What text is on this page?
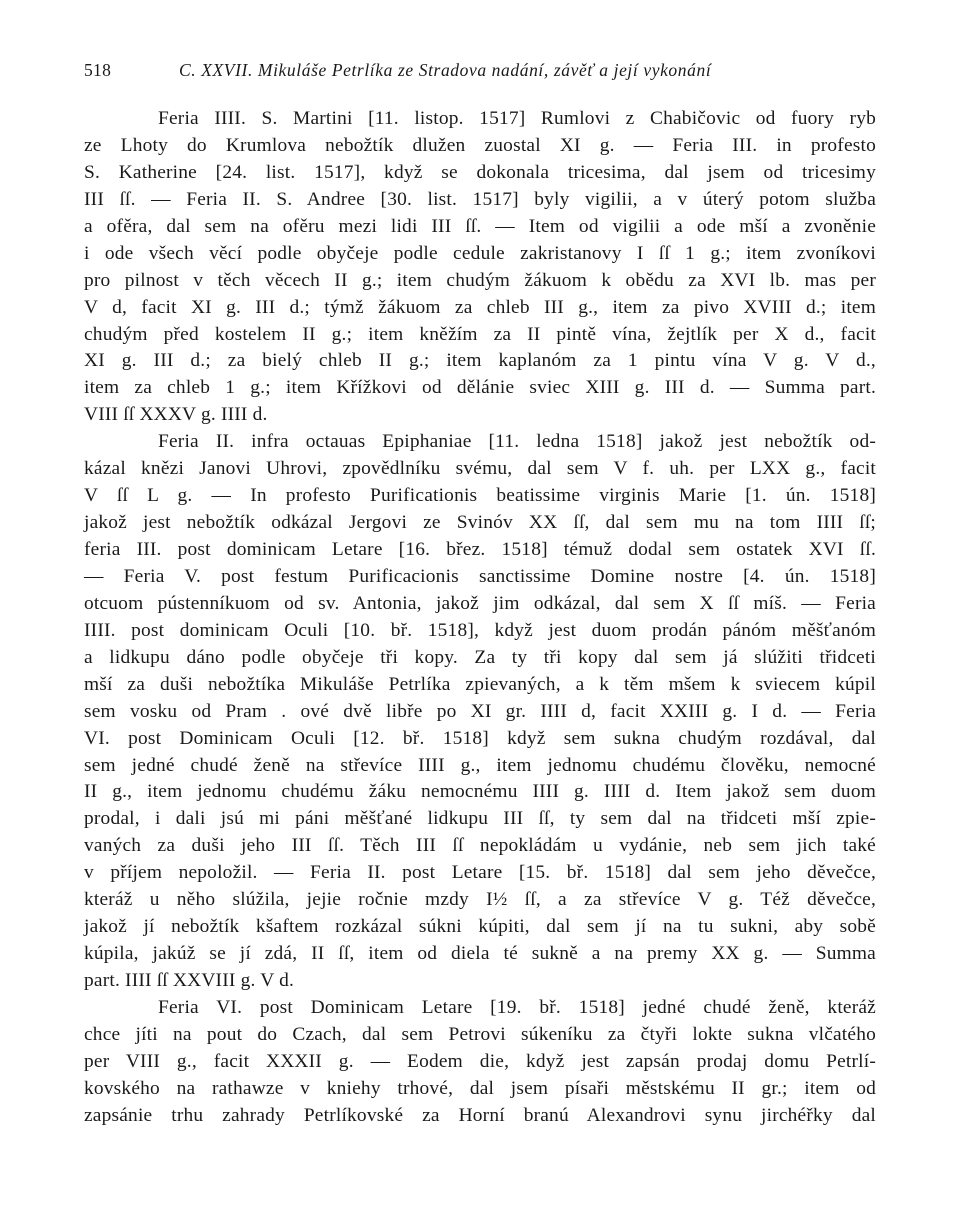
518	C. XXVII. Mikuláše Petrlíka ze Stradova nadání, závěť a její vykonání
Feria IIII. S. Martini [11. listop. 1517] Rumlovi z Chabičovic od fuory ryb
ze Lhoty do Krumlova nebožtík dlužen zuostal XI g. — Feria III. in profesto
S. Katherine [24. list. 1517], když se dokonala tricesima, dal jsem od tricesimy
III ſſ. — Feria II. S. Andree [30. list. 1517] byly vigilii, a v úterý potom služba
a ofěra, dal sem na ofěru mezi lidi III ſſ. — Item od vigilii a ode mší a zvoněnie
i ode všech věcí podle obyčeje podle cedule zakristanovy I ſſ 1 g.; item zvoníkovi
pro pilnost v těch věcech II g.; item chudým žákuom k obědu za XVI lb. mas per
V d, facit XI g. III d.; týmž žákuom za chleb III g., item za pivo XVIII d.; item
chudým před kostelem II g.; item kněžím za II pintě vína, žejtlík per X d., facit
XI g. III d.; za bielý chleb II g.; item kaplanóm za 1 pintu vína V g. V d.,
item za chleb 1 g.; item Křížkovi od dělánie sviec XIII g. III d. — Summa part.
VIII ſſ XXXV g. IIII d.
Feria II. infra octauas Epiphaniae [11. ledna 1518] jakož jest nebožtík od-
kázal knězi Janovi Uhrovi, zpovědlníku svému, dal sem V f. uh. per LXX g., facit
V ſſ L g. — In profesto Purificationis beatissime virginis Marie [1. ún. 1518]
jakož jest nebožtík odkázal Jergovi ze Svinóv XX ſſ, dal sem mu na tom IIII ſſ;
feria III. post dominicam Letare [16. břez. 1518] témuž dodal sem ostatek XVI ſſ.
— Feria V. post festum Purificacionis sanctissime Domine nostre [4. ún. 1518]
otcuom pústenníkuom od sv. Antonia, jakož jim odkázal, dal sem X ſſ míš. — Feria
IIII. post dominicam Oculi [10. bř. 1518], když jest duom prodán pánóm měšťanóm
a lidkupu dáno podle obyčeje tři kopy. Za ty tři kopy dal sem já slúžiti třidceti
mší za duši nebožtíka Mikuláše Petrlíka zpievaných, a k těm mšem k sviecem kúpil
sem vosku od Pram . ové dvě libře po XI gr. IIII d, facit XXIII g. I d. — Feria
VI. post Dominicam Oculi [12. bř. 1518] když sem sukna chudým rozdával, dal
sem jedné chudé ženě na střevíce IIII g., item jednomu chudému člověku, nemocné
II g., item jednomu chudému žáku nemocnému IIII g. IIII d. Item jakož sem duom
prodal, i dali jsú mi páni měšťané lidkupu III ſſ, ty sem dal na třidceti mší zpie-
vaných za duši jeho III ſſ. Těch III ſſ nepokládám u vydánie, neb sem jich také
v příjem nepoložil. — Feria II. post Letare [15. bř. 1518] dal sem jeho děvečce,
kteráž u něho slúžila, jejie ročnie mzdy I½ ſſ, a za střevíce V g. Též děvečce,
jakož jí nebožtík kšaftem rozkázal súkni kúpiti, dal sem jí na tu sukni, aby sobě
kúpila, jakúž se jí zdá, II ſſ, item od diela té sukně a na premy XX g. — Summa
part. IIII ſſ XXVIII g. V d.
Feria VI. post Dominicam Letare [19. bř. 1518] jedné chudé ženě, kteráž
chce jíti na pout do Czach, dal sem Petrovi súkeníku za čtyři lokte sukna vlčatého
per VIII g., facit XXXII g. — Eodem die, když jest zapsán prodaj domu Petrlí-
kovského na rathawze v kniehy trhové, dal jsem písaři městskému II gr.; item od
zapsánie trhu zahrady Petrlíkovské za Horní branú Alexandrovi synu jirchéřky dal
